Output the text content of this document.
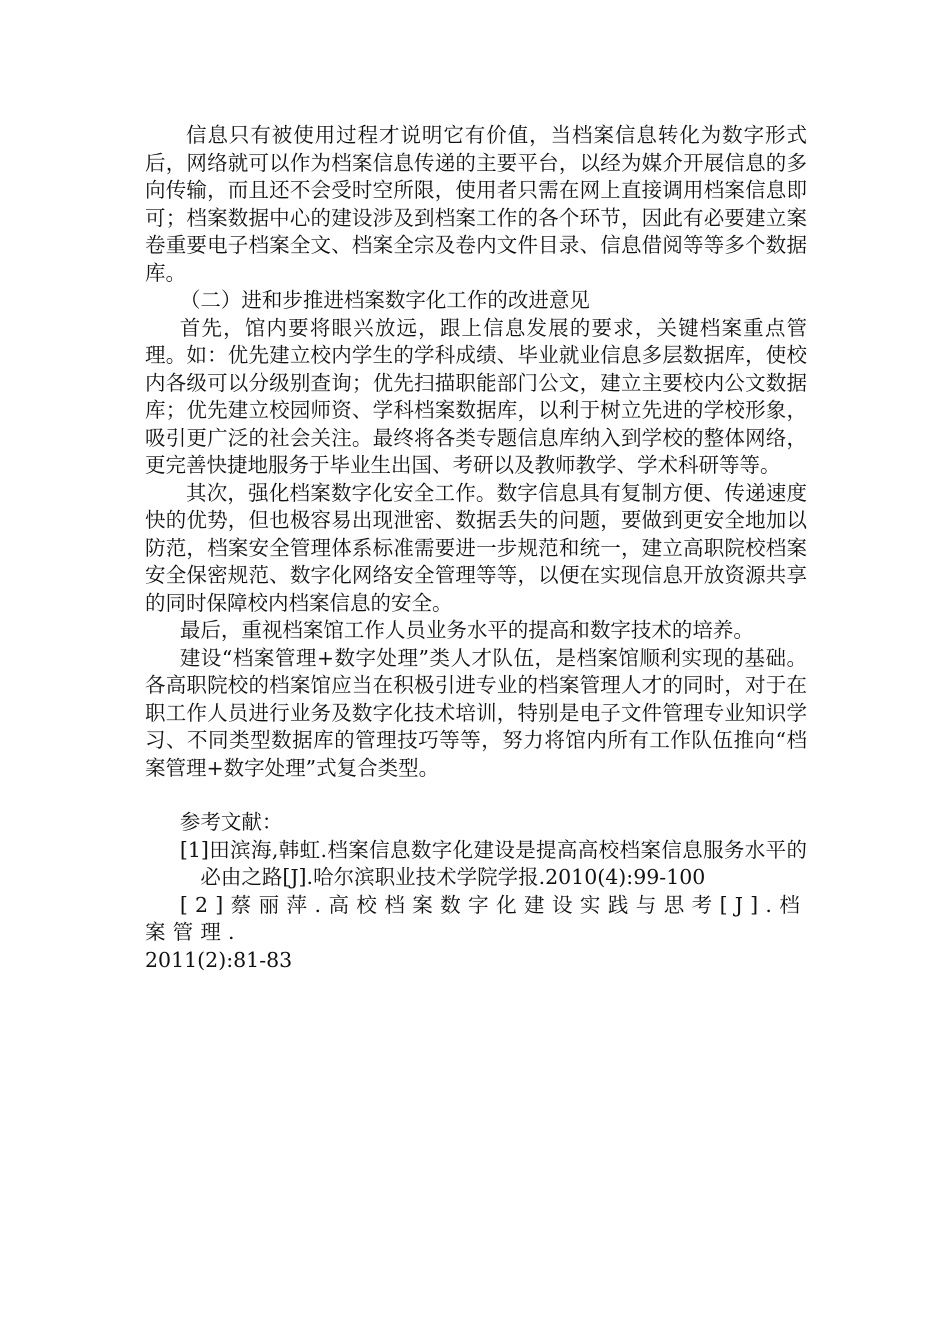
信息只有被使用过程才说明它有价值，当档案信息转化为数字形式后，网络就可以作为档案信息传递的主要平台，以经为媒介开展信息的多向传输，而且还不会受时空所限，使用者只需在网上直接调用档案信息即可；档案数据中心的建设涉及到档案工作的各个环节，因此有必要建立案卷重要电子档案全文、档案全宗及卷内文件目录、信息借阅等等多个数据库。

（二）进和步推进档案数字化工作的改进意见

首先，馆内要将眼兴放远，跟上信息发展的要求，关键档案重点管理。如：优先建立校内学生的学科成绩、毕业就业信息多层数据库，使校内各级可以分级别查询；优先扫描职能部门公文，建立主要校内公文数据库；优先建立校园师资、学科档案数据库，以利于树立先进的学校形象，吸引更广泛的社会关注。最终将各类专题信息库纳入到学校的整体网络，更完善快捷地服务于毕业生出国、考研以及教师教学、学术科研等等。

其次，强化档案数字化安全工作。数字信息具有复制方便、传递速度快的优势，但也极容易出现泄密、数据丢失的问题，要做到更安全地加以防范，档案安全管理体系标准需要进一步规范和统一，建立高职院校档案安全保密规范、数字化网络安全管理等等，以便在实现信息开放资源共享的同时保障校内档案信息的安全。

最后，重视档案馆工作人员业务水平的提高和数字技术的培养。

建设“档案管理+数字处理”类人才队伍，是档案馆顺利实现的基础。各高职院校的档案馆应当在积极引进专业的档案管理人才的同时，对于在职工作人员进行业务及数字化技术培训，特别是电子文件管理专业知识学习、不同类型数据库的管理技巧等等，努力将馆内所有工作队伍推向“档案管理+数字处理”式复合类型。

参考文献：

[1]田滨海,韩虹.档案信息数字化建设是提高高校档案信息服务水平的必由之路[J].哈尔滨职业技术学院学报.2010(4):99-100

[2]蔡丽萍.高校档案数字化建设实践与思考[J].档案管理.

2011(2):81-83
